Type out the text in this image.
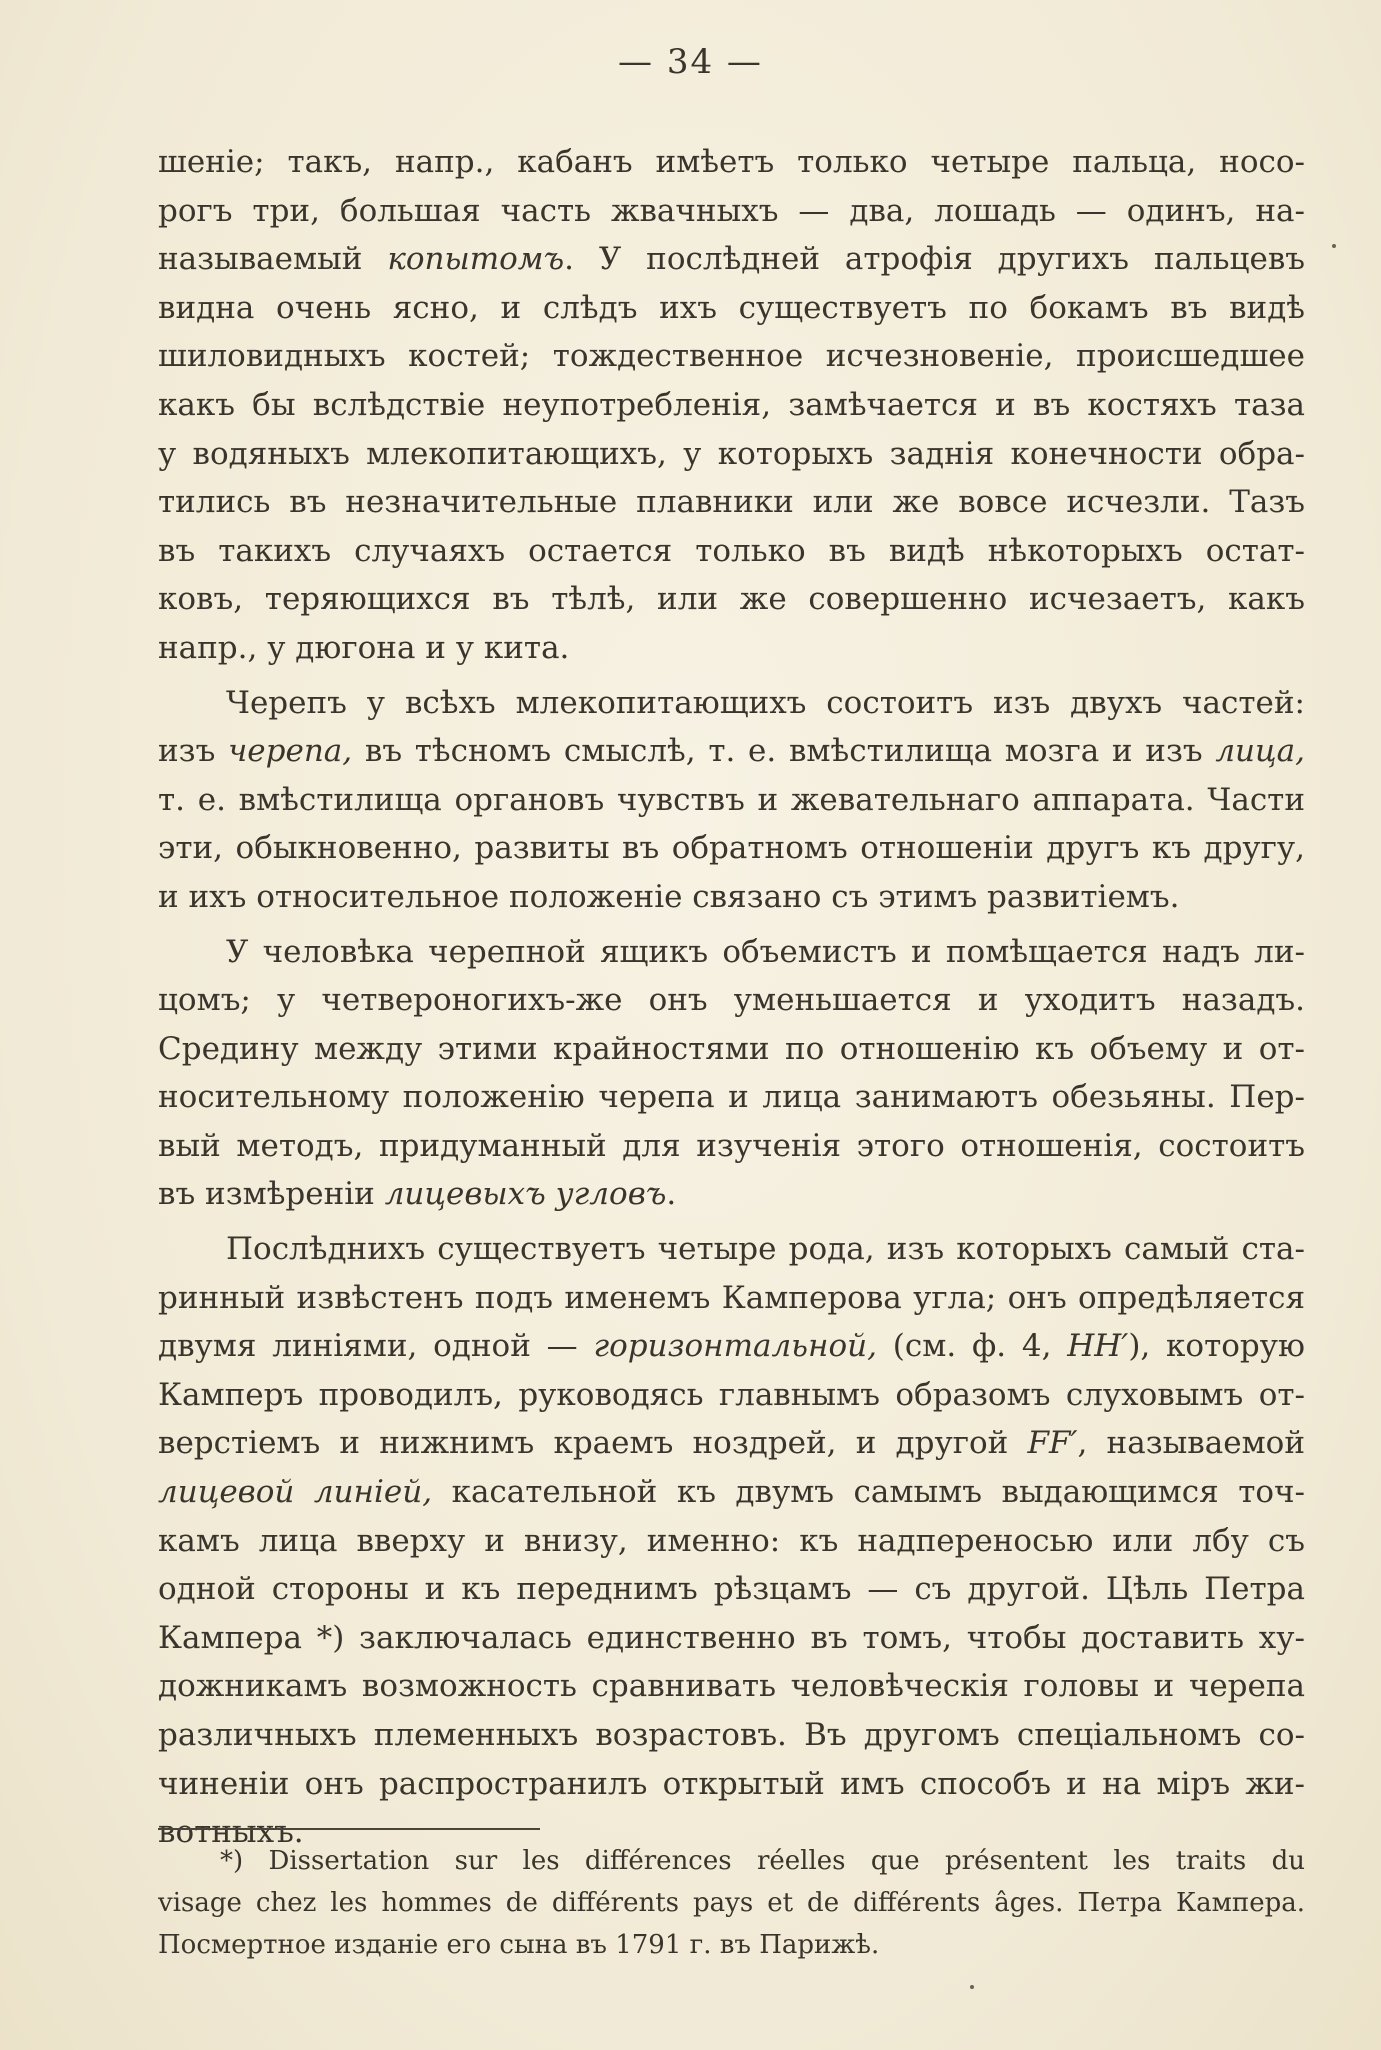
— 34 —
шенiе; такъ, напр., кабанъ имѣетъ только четыре пальца, носо-
рогъ три, большая часть жвачныхъ — два, лошадь — одинъ, на-
называемый копытомъ. У послѣдней атрофiя другихъ пальцевъ
видна очень ясно, и слѣдъ ихъ существуетъ по бокамъ въ видѣ
шиловидныхъ костей; тождественное исчезновенiе, происшедшее
какъ бы вслѣдствiе неупотребленiя, замѣчается и въ костяхъ таза
у водяныхъ млекопитающихъ, у которыхъ заднiя конечности обра-
тились въ незначительные плавники или же вовсе исчезли. Тазъ
въ такихъ случаяхъ остается только въ видѣ нѣкоторыхъ остат-
ковъ, теряющихся въ тѣлѣ, или же совершенно исчезаетъ, какъ
напр., у дюгона и у кита.
Черепъ у всѣхъ млекопитающихъ состоитъ изъ двухъ частей:
изъ черепа, въ тѣсномъ смыслѣ, т. е. вмѣстилища мозга и изъ лица,
т. е. вмѣстилища органовъ чувствъ и жевательнаго аппарата. Части
эти, обыкновенно, развиты въ обратномъ отношенiи другъ къ другу,
и ихъ относительное положенiе связано съ этимъ развитiемъ.
У человѣка черепной ящикъ объемистъ и помѣщается надъ ли-
цомъ; у четвероногихъ-же онъ уменьшается и уходитъ назадъ.
Средину между этими крайностями по отношенiю къ объему и от-
носительному положенiю черепа и лица занимаютъ обезьяны. Пер-
вый методъ, придуманный для изученiя этого отношенiя, состоитъ
въ измѣренiи лицевыхъ угловъ.
Послѣднихъ существуетъ четыре рода, изъ которыхъ самый ста-
ринный извѣстенъ подъ именемъ Камперова угла; онъ опредѣляется
двумя линiями, одной — горизонтальной, (см. ф. 4, НН′), которую
Камперъ проводилъ, руководясь главнымъ образомъ слуховымъ от-
верстiемъ и нижнимъ краемъ ноздрей, и другой FF′, называемой
лицевой линiей, касательной къ двумъ самымъ выдающимся точ-
камъ лица вверху и внизу, именно: къ надпереносью или лбу съ
одной стороны и къ переднимъ рѣзцамъ — съ другой. Цѣль Петра
Кампера *) заключалась единственно въ томъ, чтобы доставить ху-
дожникамъ возможность сравнивать человѣческiя головы и черепа
различныхъ племенныхъ возрастовъ. Въ другомъ спецiальномъ со-
чиненiи онъ распространилъ открытый имъ способъ и на мiръ жи-
вотныхъ.
*) Dissertation sur les différences réelles que présentent les traits du
visage chez les hommes de différents pays et de différents âges. Петра Кампера.
Посмертное изданiе его сына въ 1791 г. въ Парижѣ.
